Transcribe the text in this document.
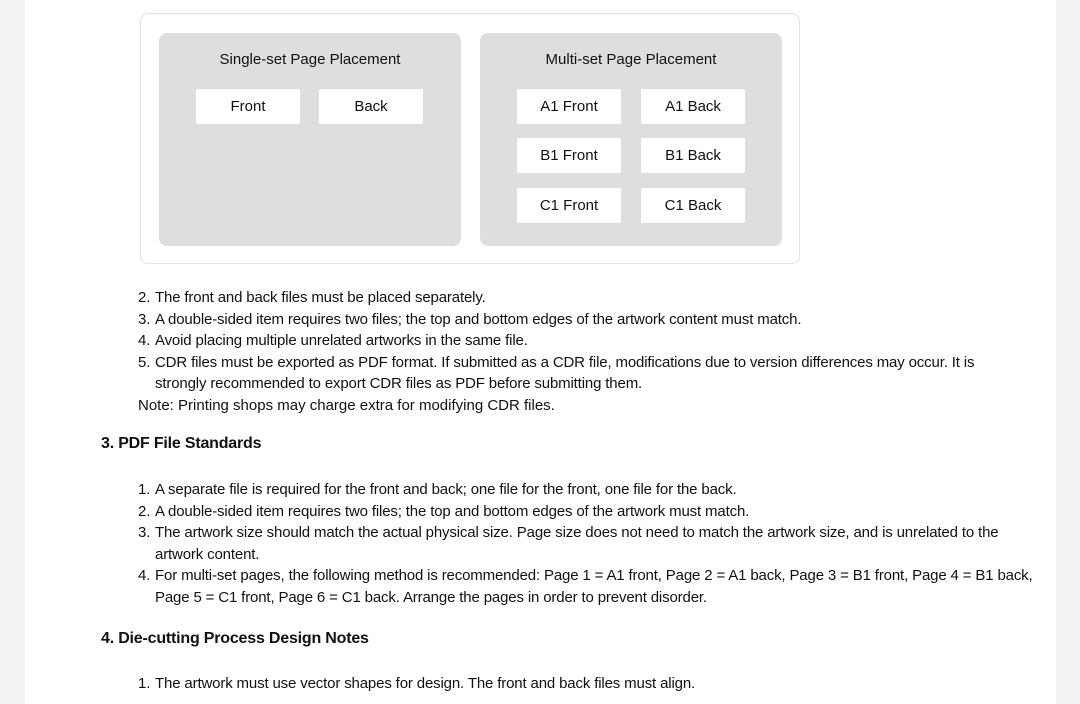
Single-set Page Placement
Front	Back
Multi-set Page Placement
A1 Front	A1 Back
B1 Front	B1 Back
C1 Front	C1 Back
2. The front and back files must be placed separately.
3. A double-sided item requires two files; the top and bottom edges of the artwork content must match.
4. Avoid placing multiple unrelated artworks in the same file.
5. CDR files must be exported as PDF format. If submitted as a CDR file, modifications due to version differences may occur. It is strongly recommended to export CDR files as PDF before submitting them.
Note: Printing shops may charge extra for modifying CDR files.
3. PDF File Standards
1. A separate file is required for the front and back; one file for the front, one file for the back.
2. A double-sided item requires two files; the top and bottom edges of the artwork must match.
3. The artwork size should match the actual physical size. Page size does not need to match the artwork size, and is unrelated to the artwork content.
4. For multi-set pages, the following method is recommended: Page 1 = A1 front, Page 2 = A1 back, Page 3 = B1 front, Page 4 = B1 back, Page 5 = C1 front, Page 6 = C1 back. Arrange the pages in order to prevent disorder.
4. Die-cutting Process Design Notes
1. The artwork must use vector shapes for design. The front and back files must align.
